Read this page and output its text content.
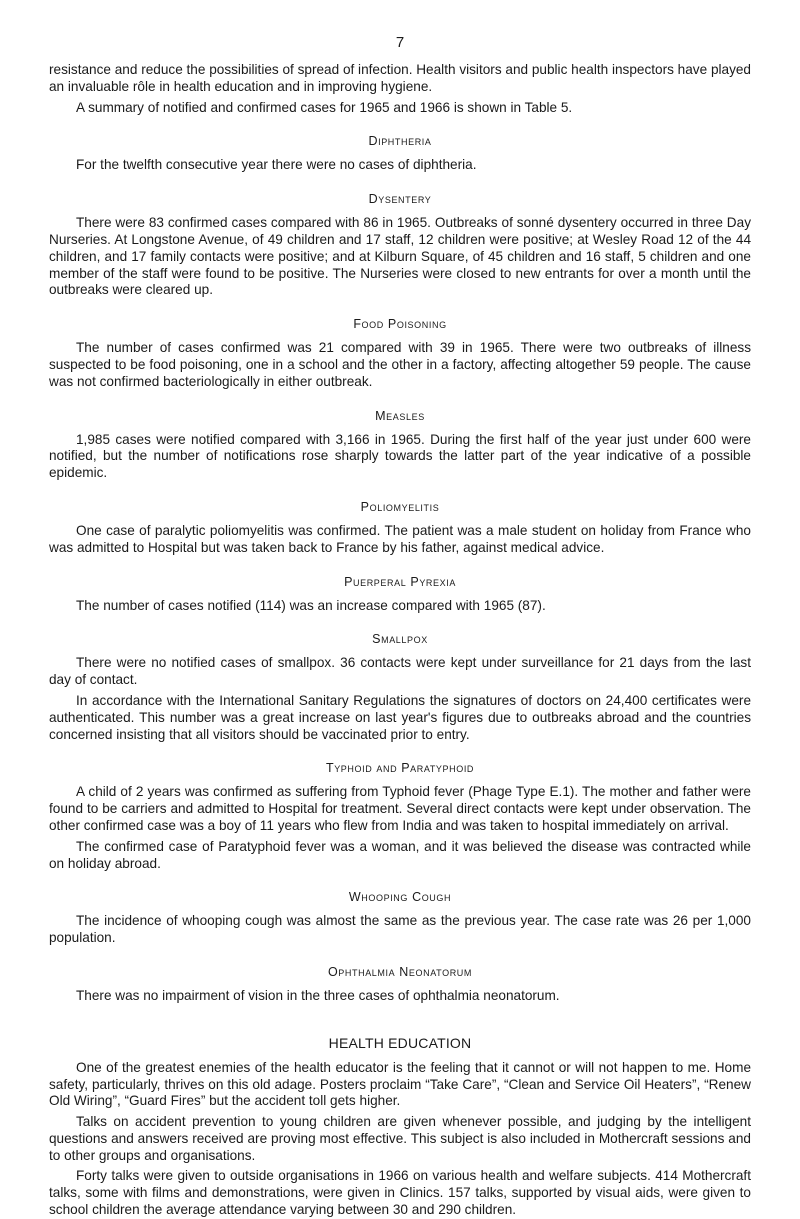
7

resistance and reduce the possibilities of spread of infection. Health visitors and public health inspectors have played an invaluable rôle in health education and in improving hygiene.

A summary of notified and confirmed cases for 1965 and 1966 is shown in Table 5.

Diphtheria

For the twelfth consecutive year there were no cases of diphtheria.

Dysentery

There were 83 confirmed cases compared with 86 in 1965. Outbreaks of sonné dysentery occurred in three Day Nurseries. At Longstone Avenue, of 49 children and 17 staff, 12 children were positive; at Wesley Road 12 of the 44 children, and 17 family contacts were positive; and at Kilburn Square, of 45 children and 16 staff, 5 children and one member of the staff were found to be positive. The Nurseries were closed to new entrants for over a month until the outbreaks were cleared up.

Food Poisoning

The number of cases confirmed was 21 compared with 39 in 1965. There were two outbreaks of illness suspected to be food poisoning, one in a school and the other in a factory, affecting altogether 59 people. The cause was not confirmed bacteriologically in either outbreak.

Measles

1,985 cases were notified compared with 3,166 in 1965. During the first half of the year just under 600 were notified, but the number of notifications rose sharply towards the latter part of the year indicative of a possible epidemic.

Poliomyelitis

One case of paralytic poliomyelitis was confirmed. The patient was a male student on holiday from France who was admitted to Hospital but was taken back to France by his father, against medical advice.

Puerperal Pyrexia

The number of cases notified (114) was an increase compared with 1965 (87).

Smallpox

There were no notified cases of smallpox. 36 contacts were kept under surveillance for 21 days from the last day of contact.

In accordance with the International Sanitary Regulations the signatures of doctors on 24,400 certificates were authenticated. This number was a great increase on last year's figures due to outbreaks abroad and the countries concerned insisting that all visitors should be vaccinated prior to entry.

Typhoid and Paratyphoid

A child of 2 years was confirmed as suffering from Typhoid fever (Phage Type E.1). The mother and father were found to be carriers and admitted to Hospital for treatment. Several direct contacts were kept under observation. The other confirmed case was a boy of 11 years who flew from India and was taken to hospital immediately on arrival.

The confirmed case of Paratyphoid fever was a woman, and it was believed the disease was contracted while on holiday abroad.

Whooping Cough

The incidence of whooping cough was almost the same as the previous year. The case rate was 26 per 1,000 population.

Ophthalmia Neonatorum

There was no impairment of vision in the three cases of ophthalmia neonatorum.

HEALTH EDUCATION

One of the greatest enemies of the health educator is the feeling that it cannot or will not happen to me. Home safety, particularly, thrives on this old adage. Posters proclaim “Take Care”, “Clean and Service Oil Heaters”, “Renew Old Wiring”, “Guard Fires” but the accident toll gets higher.

Talks on accident prevention to young children are given whenever possible, and judging by the intelligent questions and answers received are proving most effective. This subject is also included in Mothercraft sessions and to other groups and organisations.

Forty talks were given to outside organisations in 1966 on various health and welfare subjects. 414 Mothercraft talks, some with films and demonstrations, were given in Clinics. 157 talks, supported by visual aids, were given to school children the average attendance varying between 30 and 290 children.
